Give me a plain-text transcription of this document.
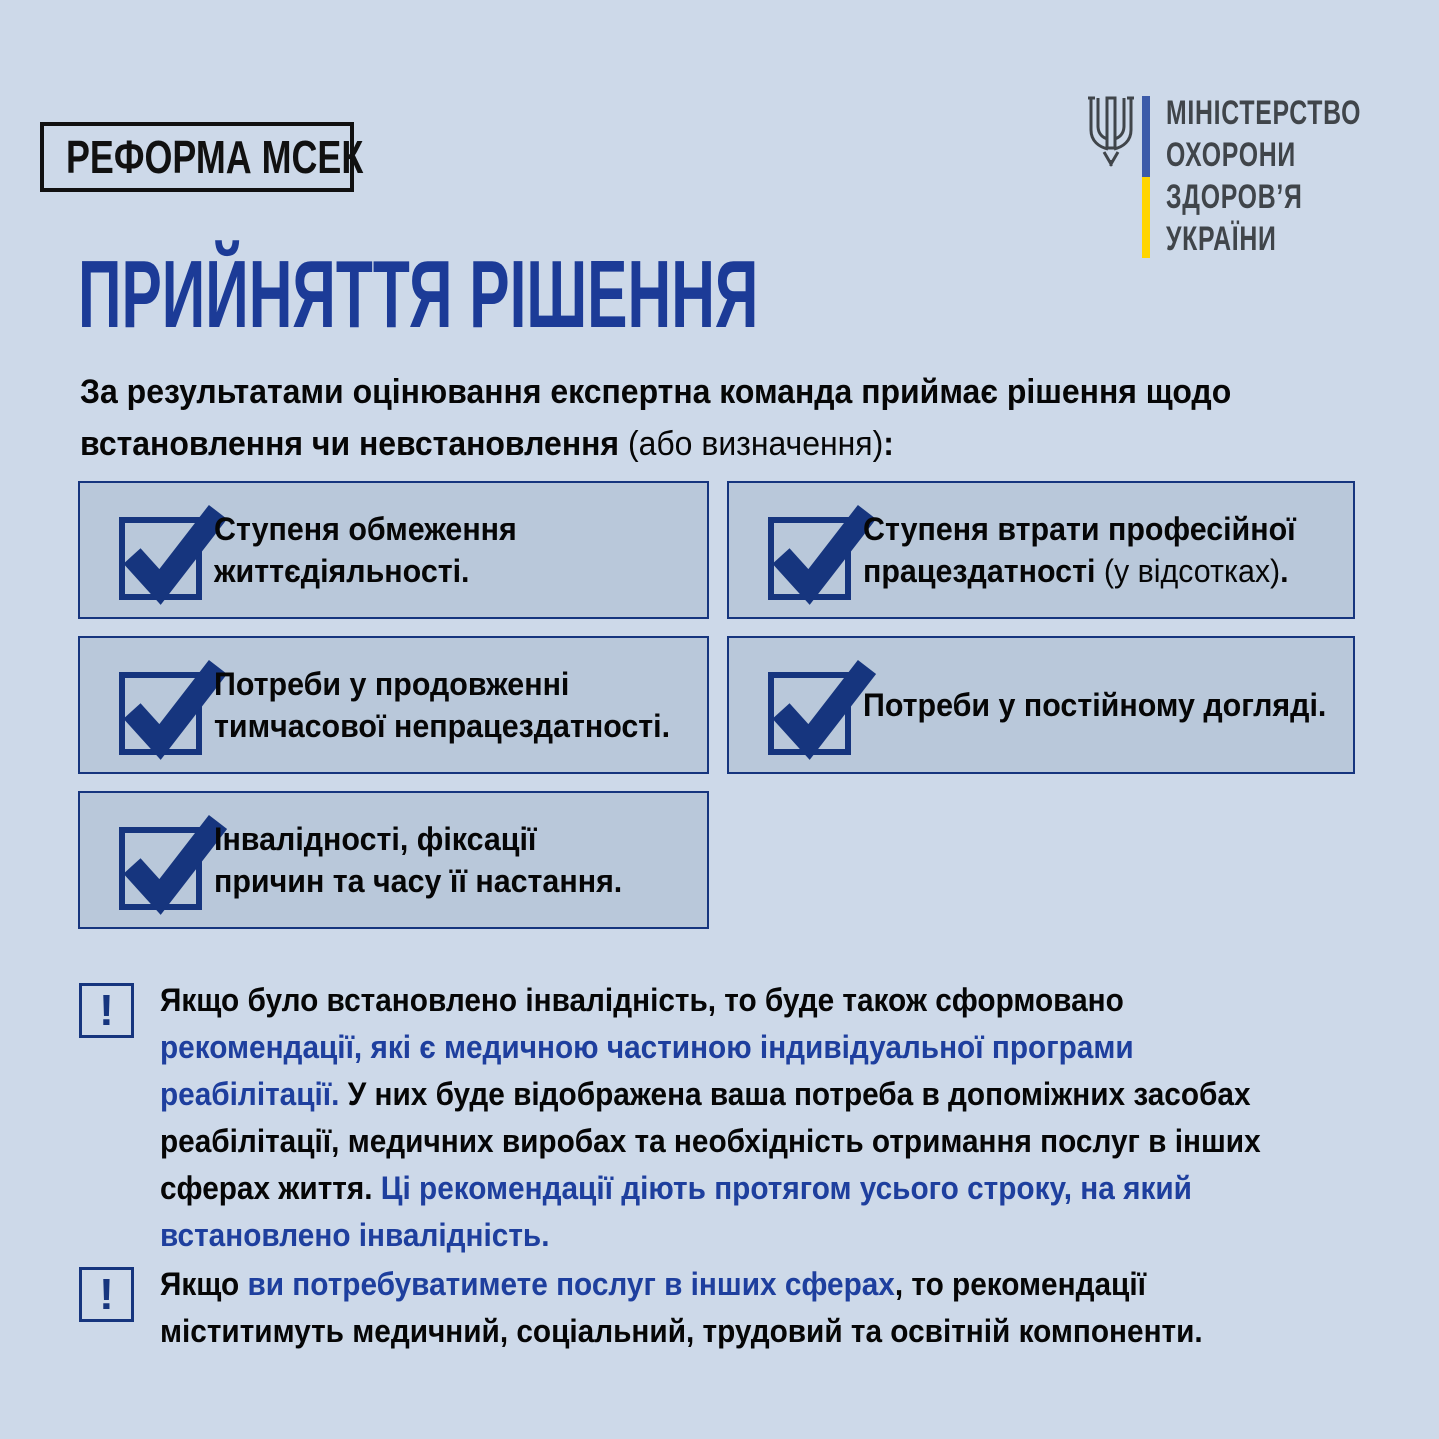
РЕФОРМА МСЕК
МІНІСТЕРСТВО
ОХОРОНИ
ЗДОРОВ’Я
УКРАЇНИ
ПРИЙНЯТТЯ РІШЕННЯ
За результатами оцінювання експертна команда приймає рішення щодо
встановлення чи невстановлення (або визначення):
Ступеня обмеження
життєдіяльності.
Ступеня втрати професійної
працездатності (у відсотках).
Потреби у продовженні
тимчасової непрацездатності.
Потреби у постійному догляді.
Інвалідності, фіксації
причин та часу її настання.
! Якщо було встановлено інвалідність, то буде також сформовано
рекомендації, які є медичною частиною індивідуальної програми
реабілітації. У них буде відображена ваша потреба в допоміжних засобах
реабілітації, медичних виробах та необхідність отримання послуг в інших
сферах життя. Ці рекомендації діють протягом усього строку, на який
встановлено інвалідність.
! Якщо ви потребуватимете послуг в інших сферах, то рекомендації
міститимуть медичний, соціальний, трудовий та освітній компоненти.
